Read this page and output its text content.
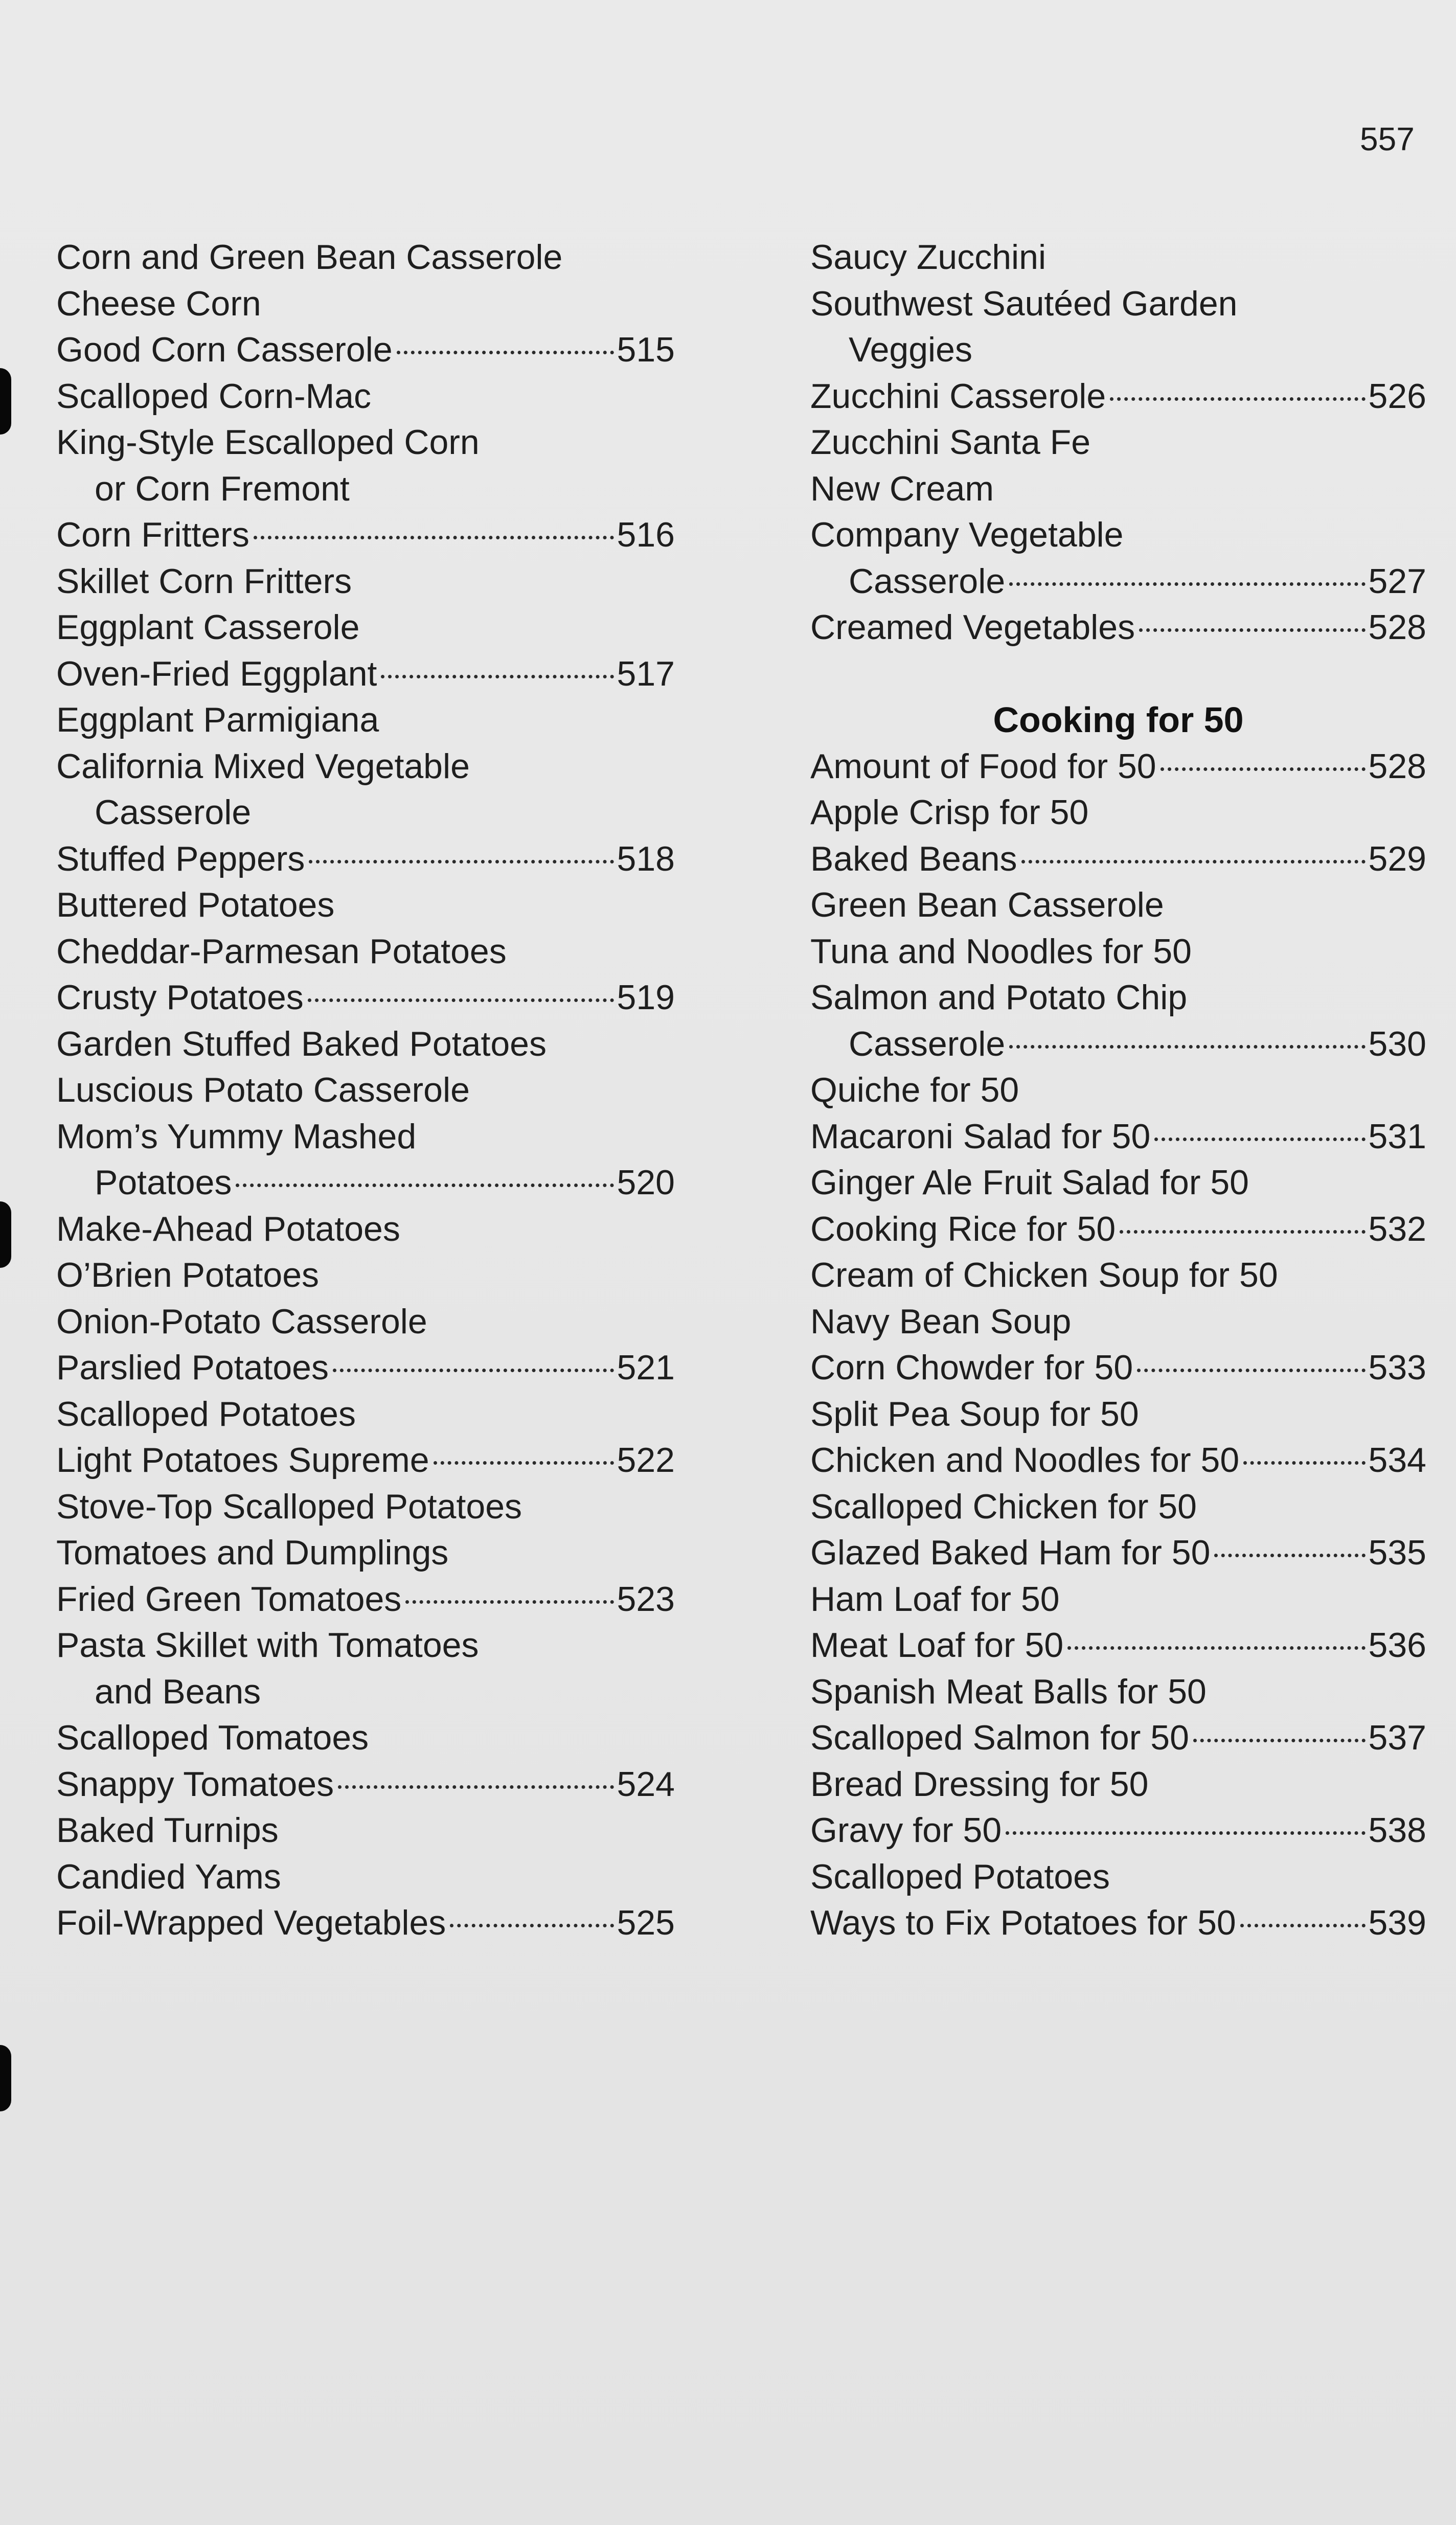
557
Corn and Green Bean Casserole
Cheese Corn
Good Corn Casserole	515
Scalloped Corn-Mac
King-Style Escalloped Corn
or Corn Fremont
Corn Fritters	516
Skillet Corn Fritters
Eggplant Casserole
Oven-Fried Eggplant	517
Eggplant Parmigiana
California Mixed Vegetable
Casserole
Stuffed Peppers	518
Buttered Potatoes
Cheddar-Parmesan Potatoes
Crusty Potatoes	519
Garden Stuffed Baked Potatoes
Luscious Potato Casserole
Mom’s Yummy Mashed
Potatoes	520
Make-Ahead Potatoes
O’Brien Potatoes
Onion-Potato Casserole
Parslied Potatoes	521
Scalloped Potatoes
Light Potatoes Supreme	522
Stove-Top Scalloped Potatoes
Tomatoes and Dumplings
Fried Green Tomatoes	523
Pasta Skillet with Tomatoes
and Beans
Scalloped Tomatoes
Snappy Tomatoes	524
Baked Turnips
Candied Yams
Foil-Wrapped Vegetables	525
Saucy Zucchini
Southwest Sautéed Garden
Veggies
Zucchini Casserole	526
Zucchini Santa Fe
New Cream
Company Vegetable
Casserole	527
Creamed Vegetables	528
Cooking for 50
Amount of Food for 50	528
Apple Crisp for 50
Baked Beans	529
Green Bean Casserole
Tuna and Noodles for 50
Salmon and Potato Chip
Casserole	530
Quiche for 50
Macaroni Salad for 50	531
Ginger Ale Fruit Salad for 50
Cooking Rice for 50	532
Cream of Chicken Soup for 50
Navy Bean Soup
Corn Chowder for 50	533
Split Pea Soup for 50
Chicken and Noodles for 50	534
Scalloped Chicken for 50
Glazed Baked Ham for 50	535
Ham Loaf for 50
Meat Loaf for 50	536
Spanish Meat Balls for 50
Scalloped Salmon for 50	537
Bread Dressing for 50
Gravy for 50	538
Scalloped Potatoes
Ways to Fix Potatoes for 50	539
